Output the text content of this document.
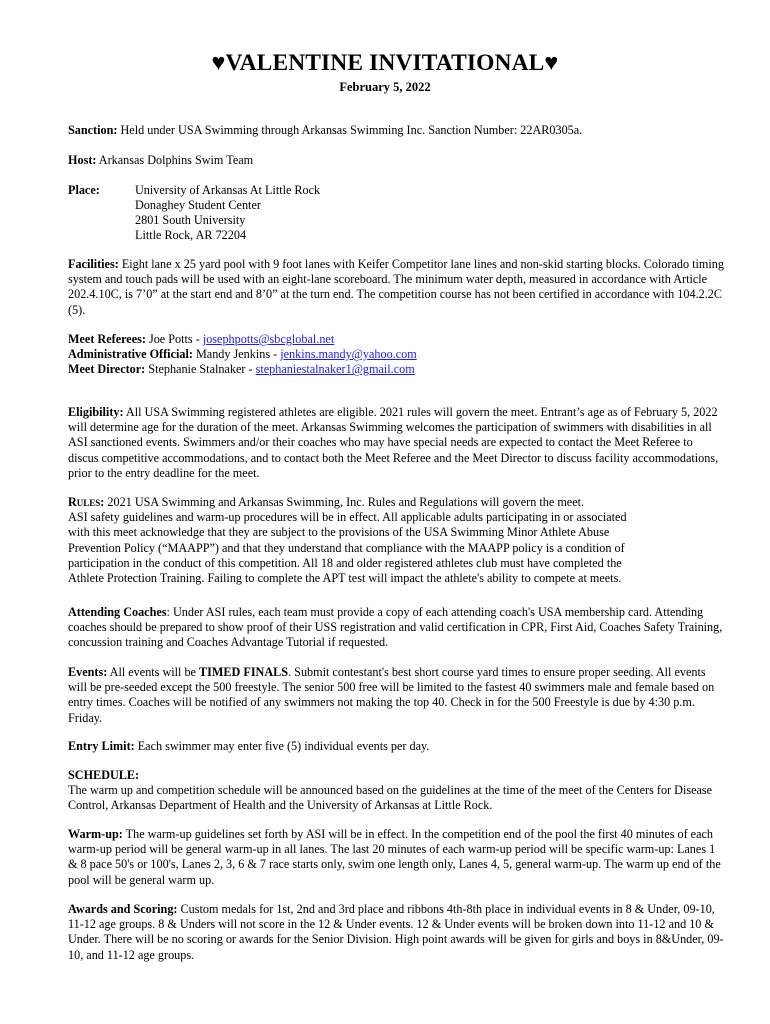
♥VALENTINE INVITATIONAL♥
February 5, 2022

Sanction: Held under USA Swimming through Arkansas Swimming Inc. Sanction Number: 22AR0305a.

Host: Arkansas Dolphins Swim Team

Place:	University of Arkansas At Little Rock
Donaghey Student Center
2801 South University
Little Rock, AR 72204

Facilities: Eight lane x 25 yard pool with 9 foot lanes with Keifer Competitor lane lines and non-skid starting blocks. Colorado timing system and touch pads will be used with an eight-lane scoreboard. The minimum water depth, measured in accordance with Article 202.4.10C, is 7’0” at the start end and 8’0” at the turn end. The competition course has not been certified in accordance with 104.2.2C (5).

Meet Referees: Joe Potts - josephpotts@sbcglobal.net

Administrative Official: Mandy Jenkins - jenkins.mandy@yahoo.com

Meet Director: Stephanie Stalnaker - stephaniestalnaker1@gmail.com

Eligibility: All USA Swimming registered athletes are eligible. 2021 rules will govern the meet. Entrant’s age as of February 5, 2022 will determine age for the duration of the meet. Arkansas Swimming welcomes the participation of swimmers with disabilities in all ASI sanctioned events. Swimmers and/or their coaches who may have special needs are expected to contact the Meet Referee to discus competitive accommodations, and to contact both the Meet Referee and the Meet Director to discuss facility accommodations, prior to the entry deadline for the meet.

Rules: 2021 USA Swimming and Arkansas Swimming, Inc. Rules and Regulations will govern the meet.

ASI safety guidelines and warm-up procedures will be in effect. All applicable adults participating in or associated

with this meet acknowledge that they are subject to the provisions of the USA Swimming Minor Athlete Abuse

Prevention Policy (“MAAPP”) and that they understand that compliance with the MAAPP policy is a condition of

participation in the conduct of this competition. All 18 and older registered athletes club must have completed the

Athlete Protection Training. Failing to complete the APT test will impact the athlete's ability to compete at meets.

Attending Coaches: Under ASI rules, each team must provide a copy of each attending coach's USA membership card. Attending coaches should be prepared to show proof of their USS registration and valid certification in CPR, First Aid, Coaches Safety Training, concussion training and Coaches Advantage Tutorial if requested.

Events: All events will be TIMED FINALS. Submit contestant's best short course yard times to ensure proper seeding. All events will be pre-seeded except the 500 freestyle. The senior 500 free will be limited to the fastest 40 swimmers male and female based on entry times. Coaches will be notified of any swimmers not making the top 40. Check in for the 500 Freestyle is due by 4:30 p.m. Friday.

Entry Limit: Each swimmer may enter five (5) individual events per day.

SCHEDULE:

The warm up and competition schedule will be announced based on the guidelines at the time of the meet of the Centers for Disease Control, Arkansas Department of Health and the University of Arkansas at Little Rock.

Warm-up: The warm-up guidelines set forth by ASI will be in effect. In the competition end of the pool the first 40 minutes of each warm-up period will be general warm-up in all lanes. The last 20 minutes of each warm-up period will be specific warm-up: Lanes 1 & 8 pace 50's or 100's, Lanes 2, 3, 6 & 7 race starts only, swim one length only, Lanes 4, 5, general warm-up. The warm up end of the pool will be general warm up.

Awards and Scoring: Custom medals for 1st, 2nd and 3rd place and ribbons 4th-8th place in individual events in 8 & Under, 09-10, 11-12 age groups. 8 & Unders will not score in the 12 & Under events. 12 & Under events will be broken down into 11-12 and 10 & Under. There will be no scoring or awards for the Senior Division. High point awards will be given for girls and boys in 8&Under, 09-10, and 11-12 age groups.
